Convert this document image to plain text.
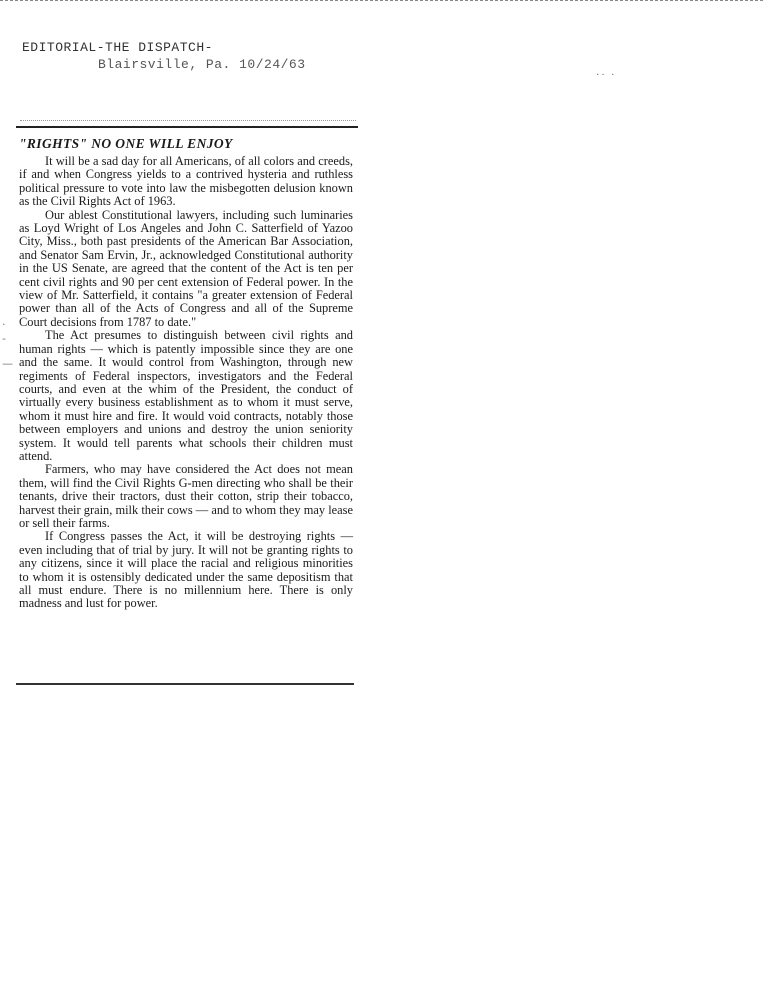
EDITORIAL-THE DISPATCH-
Blairsville, Pa. 10/24/63
·· ·
·
-
—
"RIGHTS" NO ONE WILL ENJOY

It will be a sad day for all Americans, of all colors and creeds, if and when Congress yields to a contrived hysteria and ruthless political pressure to vote into law the misbegotten delusion known as the Civil Rights Act of 1963.

Our ablest Constitutional lawyers, including such luminaries as Loyd Wright of Los Angeles and John C. Satterfield of Yazoo City, Miss., both past presidents of the American Bar Association, and Senator Sam Ervin, Jr., acknowledged Constitutional authority in the US Senate, are agreed that the content of the Act is ten per cent civil rights and 90 per cent extension of Federal power. In the view of Mr. Satterfield, it contains "a greater extension of Federal power than all of the Acts of Congress and all of the Supreme Court decisions from 1787 to date."

The Act presumes to distinguish between civil rights and human rights — which is patently impossible since they are one and the same. It would control from Washington, through new regiments of Federal inspectors, investigators and the Federal courts, and even at the whim of the President, the conduct of virtually every business establishment as to whom it must serve, whom it must hire and fire. It would void contracts, notably those between employers and unions and destroy the union seniority system. It would tell parents what schools their children must attend.

Farmers, who may have considered the Act does not mean them, will find the Civil Rights G-men directing who shall be their tenants, drive their tractors, dust their cotton, strip their tobacco, harvest their grain, milk their cows — and to whom they may lease or sell their farms.

If Congress passes the Act, it will be destroying rights — even including that of trial by jury. It will not be granting rights to any citizens, since it will place the racial and religious minorities to whom it is ostensibly dedicated under the same depositism that all must endure. There is no millennium here. There is only madness and lust for power.
